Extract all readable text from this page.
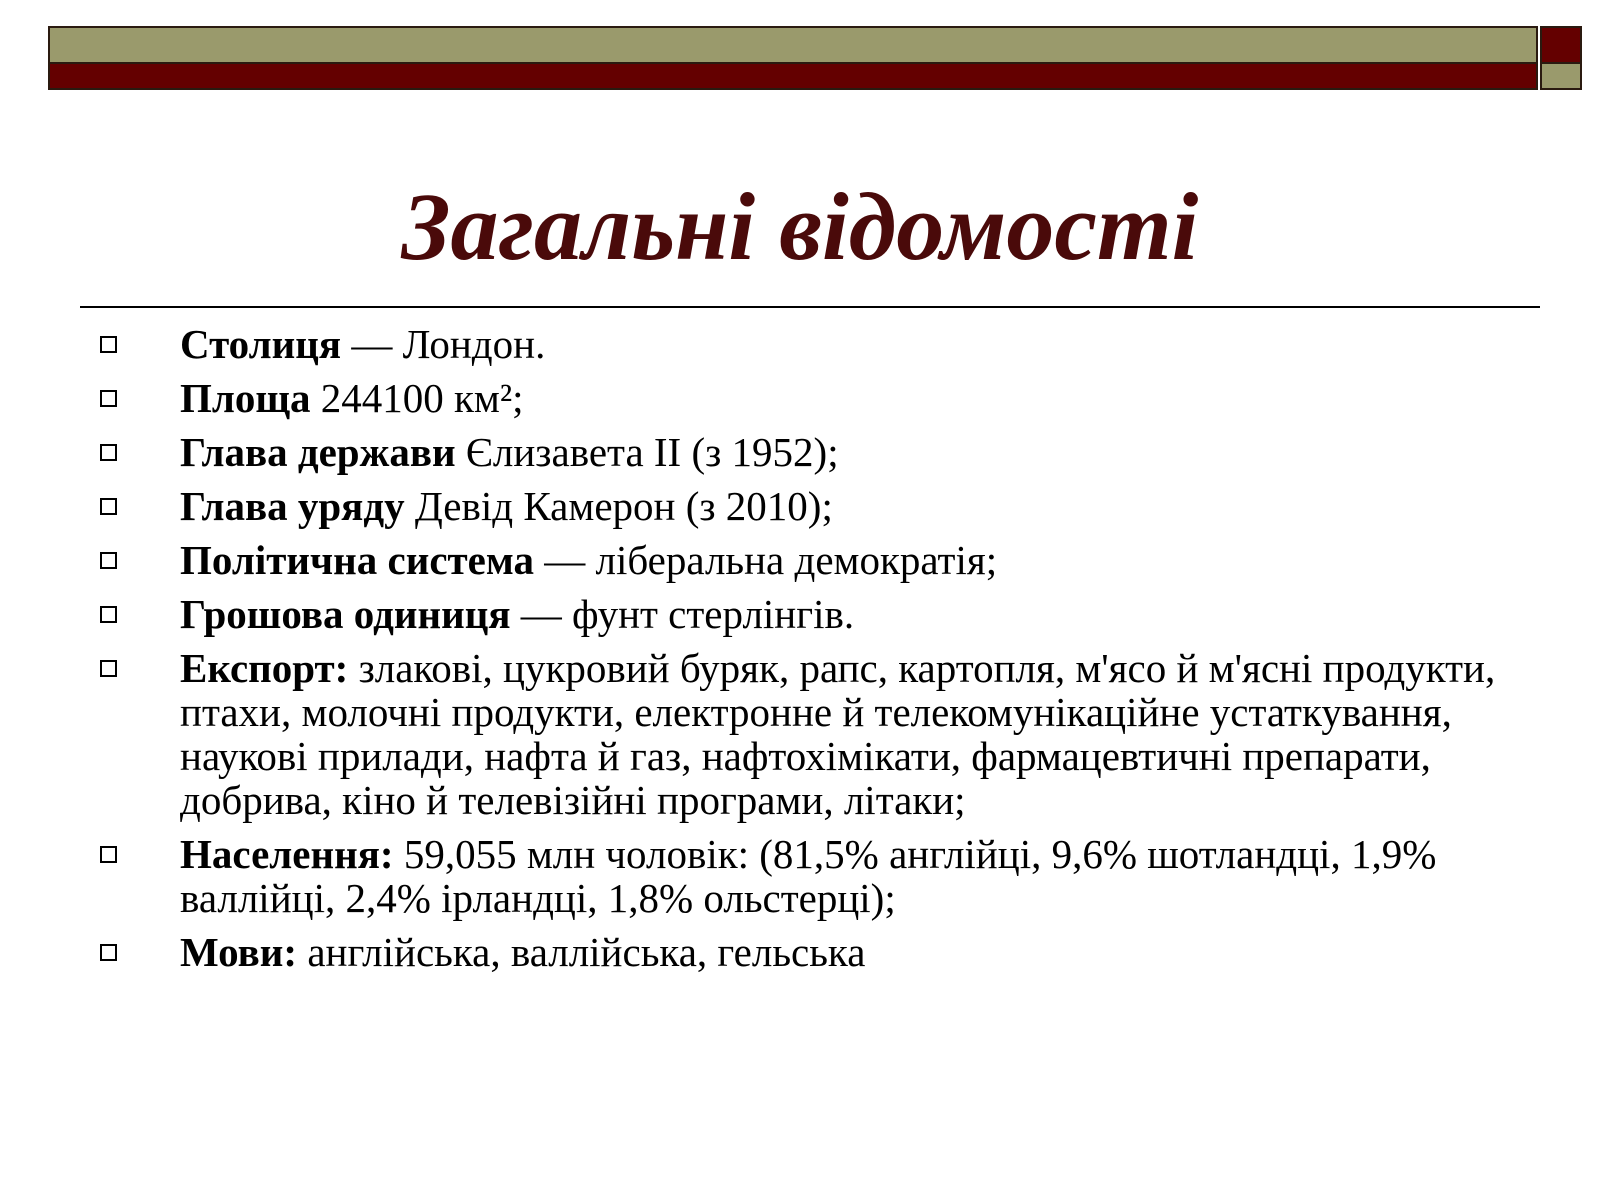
Загальні відомості
Столиця — Лондон.
Площа 244100 км²;
Глава держави Єлизавета II (з 1952);
Глава уряду Девід Камерон (з 2010);
Політична система — ліберальна демократія;
Грошова одиниця — фунт стерлінгів.
Експорт: злакові, цукровий буряк, рапс, картопля, м'ясо й м'ясні продукти, птахи, молочні продукти, електронне й телекомунікаційне устаткування, наукові прилади, нафта й газ, нафтохімікати, фармацевтичні препарати, добрива, кіно й телевізійні програми, літаки;
Населення: 59,055 млн чоловік: (81,5% англійці, 9,6% шотландці, 1,9% валлійці, 2,4% ірландці, 1,8% ольстерці);
Мови: англійська, валлійська, гельська
